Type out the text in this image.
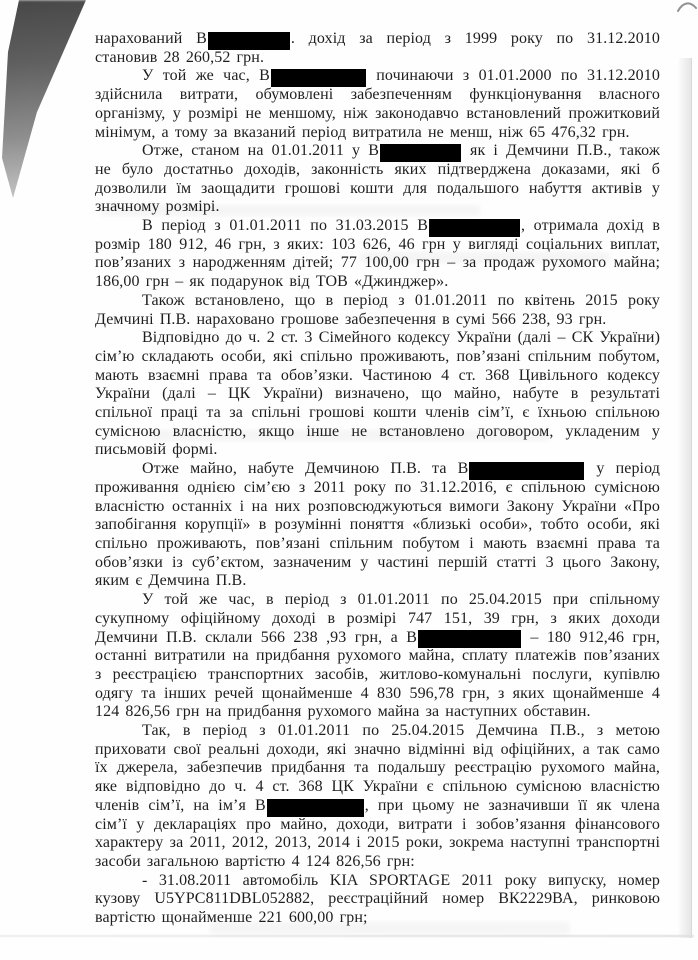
нарахований В	. дохід за період з 1999 року по 31.12.2010 становив 28 260,52 грн.

У той же час, В	починаючи з 01.01.2000 по 31.12.2010 здійснила витрати, обумовлені забезпеченням функціонування власного організму, у розмірі не меншому, ніж законодавчо встановлений прожитковий мінімум, а тому за вказаний період витратила не менш, ніж 65 476,32 грн.

Отже, станом на 01.01.2011 у В	як і Демчини П.В., також не було достатньо доходів, законність яких підтверджена доказами, які б дозволили їм заощадити грошові кошти для подальшого набуття активів у значному розмірі.

В період з 01.01.2011 по 31.03.2015 В	, отримала дохід в розмір 180 912, 46 грн, з яких: 103 626, 46 грн у вигляді соціальних виплат, пов’язаних з народженням дітей; 77 100,00 грн – за продаж рухомого майна; 186,00 грн – як подарунок від ТОВ «Джинджер».

Також встановлено, що в період з 01.01.2011 по квітень 2015 року Демчині П.В. нараховано грошове забезпечення в сумі 566 238, 93 грн.

Відповідно до ч. 2 ст. 3 Сімейного кодексу України (далі – СК України) сім’ю складають особи, які спільно проживають, пов’язані спільним побутом, мають взаємні права та обов’язки. Частиною 4 ст. 368 Цивільного кодексу України (далі – ЦК України) визначено, що майно, набуте в результаті спільної праці та за спільні грошові кошти членів сім’ї, є їхньою спільною сумісною власністю, якщо інше не встановлено договором, укладеним у письмовій формі.

Отже майно, набуте Демчиною П.В. та В	у період проживання однією сім’єю з 2011 року по 31.12.2016, є спільною сумісною власністю останніх і на них розповсюджуються вимоги Закону України «Про запобігання корупції» в розумінні поняття «близькі особи», тобто особи, які спільно проживають, пов’язані спільним побутом і мають взаємні права та обов’язки із суб’єктом, зазначеним у частині першій статті 3 цього Закону, яким є Демчина П.В.

У той же час, в період з 01.01.2011 по 25.04.2015 при спільному сукупному офіційному доході в розмірі 747 151, 39 грн, з яких доходи Демчини П.В. склали 566 238 ,93 грн, а В	– 180 912,46 грн, останні витратили на придбання рухомого майна, сплату платежів пов’язаних з реєстрацією транспортних засобів, житлово-комунальні послуги, купівлю одягу та інших речей щонайменше 4 830 596,78 грн, з яких щонайменше 4 124 826,56 грн на придбання рухомого майна за наступних обставин.

Так, в період з 01.01.2011 по 25.04.2015 Демчина П.В., з метою приховати свої реальні доходи, які значно відмінні від офіційних, а так само їх джерела, забезпечив придбання та подальшу реєстрацію рухомого майна, яке відповідно до ч. 4 ст. 368 ЦК України є спільною сумісною власністю членів сім’ї, на ім’я В	, при цьому не зазначивши її як члена сім’ї у деклараціях про майно, доходи, витрати і зобов’язання фінансового характеру за 2011, 2012, 2013, 2014 і 2015 роки, зокрема наступні транспортні засоби загальною вартістю 4 124 826,56 грн:

- 31.08.2011 автомобіль KIA SPORTAGE 2011 року випуску, номер кузову U5YPC811DBL052882, реєстраційний номер ВК2229ВА, ринковою вартістю щонайменше 221 600,00 грн;
